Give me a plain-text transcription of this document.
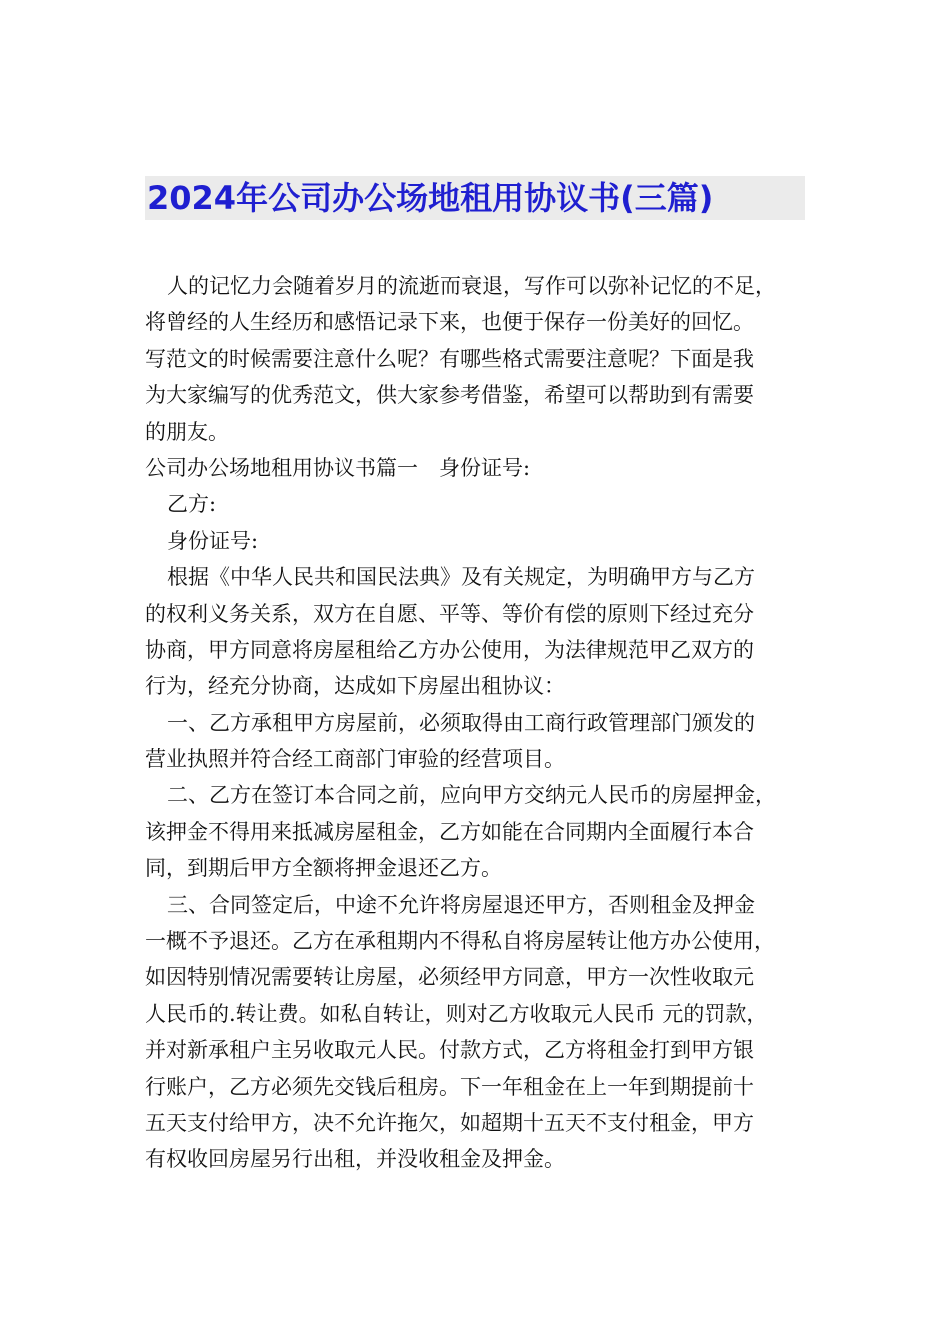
2024年公司办公场地租用协议书(三篇)
人的记忆力会随着岁月的流逝而衰退，写作可以弥补记忆的不足，
将曾经的人生经历和感悟记录下来，也便于保存一份美好的回忆。
写范文的时候需要注意什么呢？有哪些格式需要注意呢？下面是我
为大家编写的优秀范文，供大家参考借鉴，希望可以帮助到有需要
的朋友。
公司办公场地租用协议书篇一　身份证号:
乙方:
身份证号:
根据《中华人民共和国民法典》及有关规定，为明确甲方与乙方
的权利义务关系，双方在自愿、平等、等价有偿的原则下经过充分
协商，甲方同意将房屋租给乙方办公使用，为法律规范甲乙双方的
行为，经充分协商，达成如下房屋出租协议：
一、乙方承租甲方房屋前，必须取得由工商行政管理部门颁发的
营业执照并符合经工商部门审验的经营项目。
二、乙方在签订本合同之前，应向甲方交纳元人民币的房屋押金，
该押金不得用来抵减房屋租金，乙方如能在合同期内全面履行本合
同，到期后甲方全额将押金退还乙方。
三、合同签定后，中途不允许将房屋退还甲方，否则租金及押金
一概不予退还。乙方在承租期内不得私自将房屋转让他方办公使用，
如因特别情况需要转让房屋，必须经甲方同意，甲方一次性收取元
人民币的.转让费。如私自转让，则对乙方收取元人民币 元的罚款，
并对新承租户主另收取元人民。付款方式，乙方将租金打到甲方银
行账户，乙方必须先交钱后租房。下一年租金在上一年到期提前十
五天支付给甲方，决不允许拖欠，如超期十五天不支付租金，甲方
有权收回房屋另行出租，并没收租金及押金。
